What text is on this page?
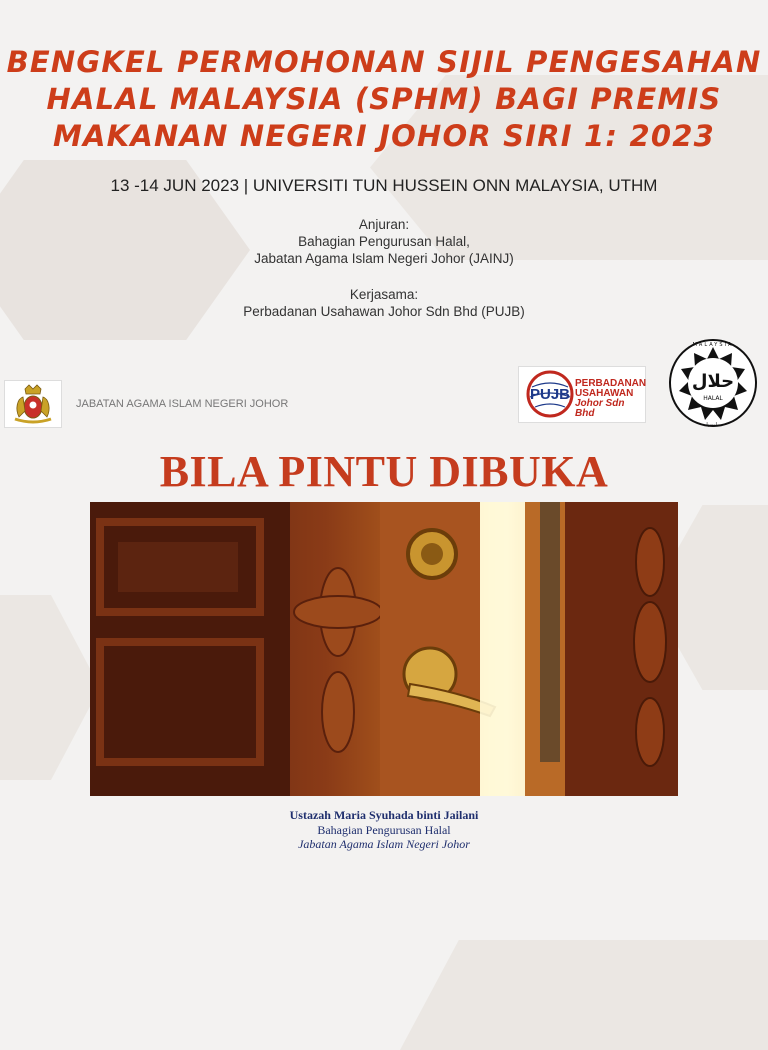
BENGKEL PERMOHONAN SIJIL PENGESAHAN
HALAL MALAYSIA (SPHM) BAGI PREMIS
MAKANAN NEGERI JOHOR SIRI 1: 2023
13 -14 JUN 2023 | UNIVERSITI TUN HUSSEIN ONN MALAYSIA, UTHM
Anjuran:
Bahagian Pengurusan Halal,
Jabatan Agama Islam Negeri Johor (JAINJ)
Kerjasama:
Perbadanan Usahawan Johor Sdn Bhd (PUJB)
JABATAN AGAMA ISLAM NEGERI JOHOR
PUJB
PERBADANAN
USAHAWAN
Johor Sdn Bhd
حلال
HALAL
MALAYSIA
مليسيا
BILA PINTU DIBUKA
Ustazah Maria Syuhada binti Jailani
Bahagian Pengurusan Halal
Jabatan Agama Islam Negeri Johor
